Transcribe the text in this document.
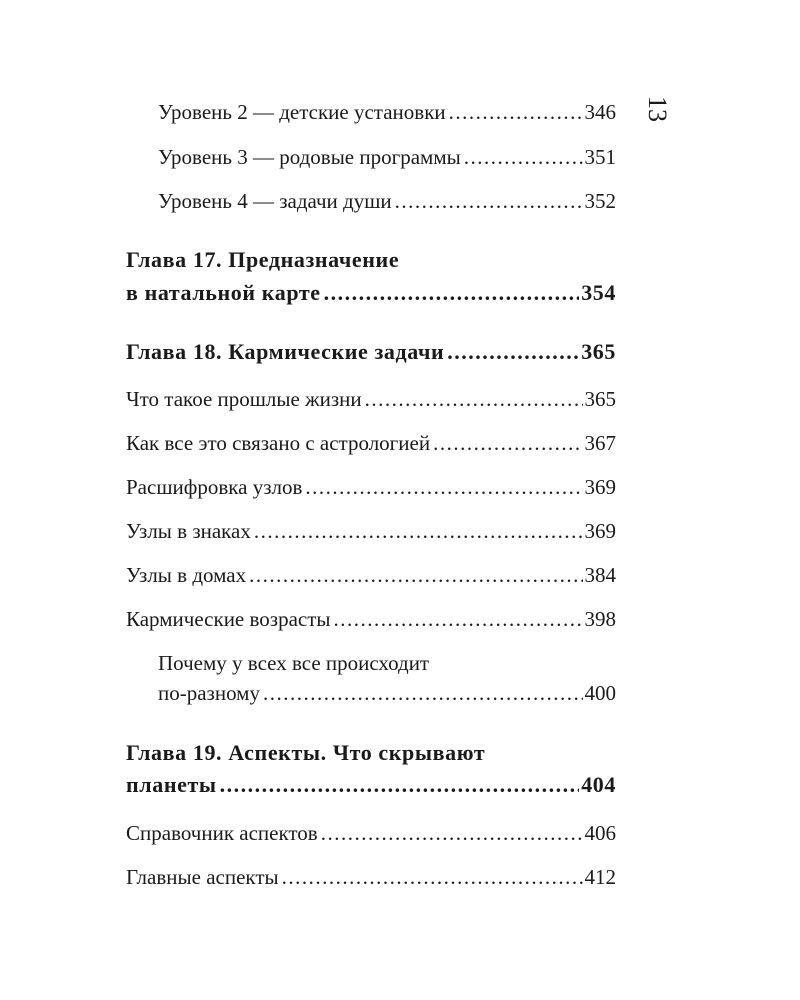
13
Уровень 2 — детские установки .....	346
Уровень 3 — родовые программы .....	351
Уровень 4 — задачи души .....	352
Глава 17. Предназначение
в натальной карте .....	354
Глава 18. Кармические задачи .....	365
Что такое прошлые жизни .....	365
Как все это связано с астрологией .....	367
Расшифровка узлов .....	369
Узлы в знаках .....	369
Узлы в домах .....	384
Кармические возрасты .....	398
Почему у всех все происходит
по-разному .....	400
Глава 19. Аспекты. Что скрывают
планеты .....	404
Справочник аспектов .....	406
Главные аспекты .....	412
